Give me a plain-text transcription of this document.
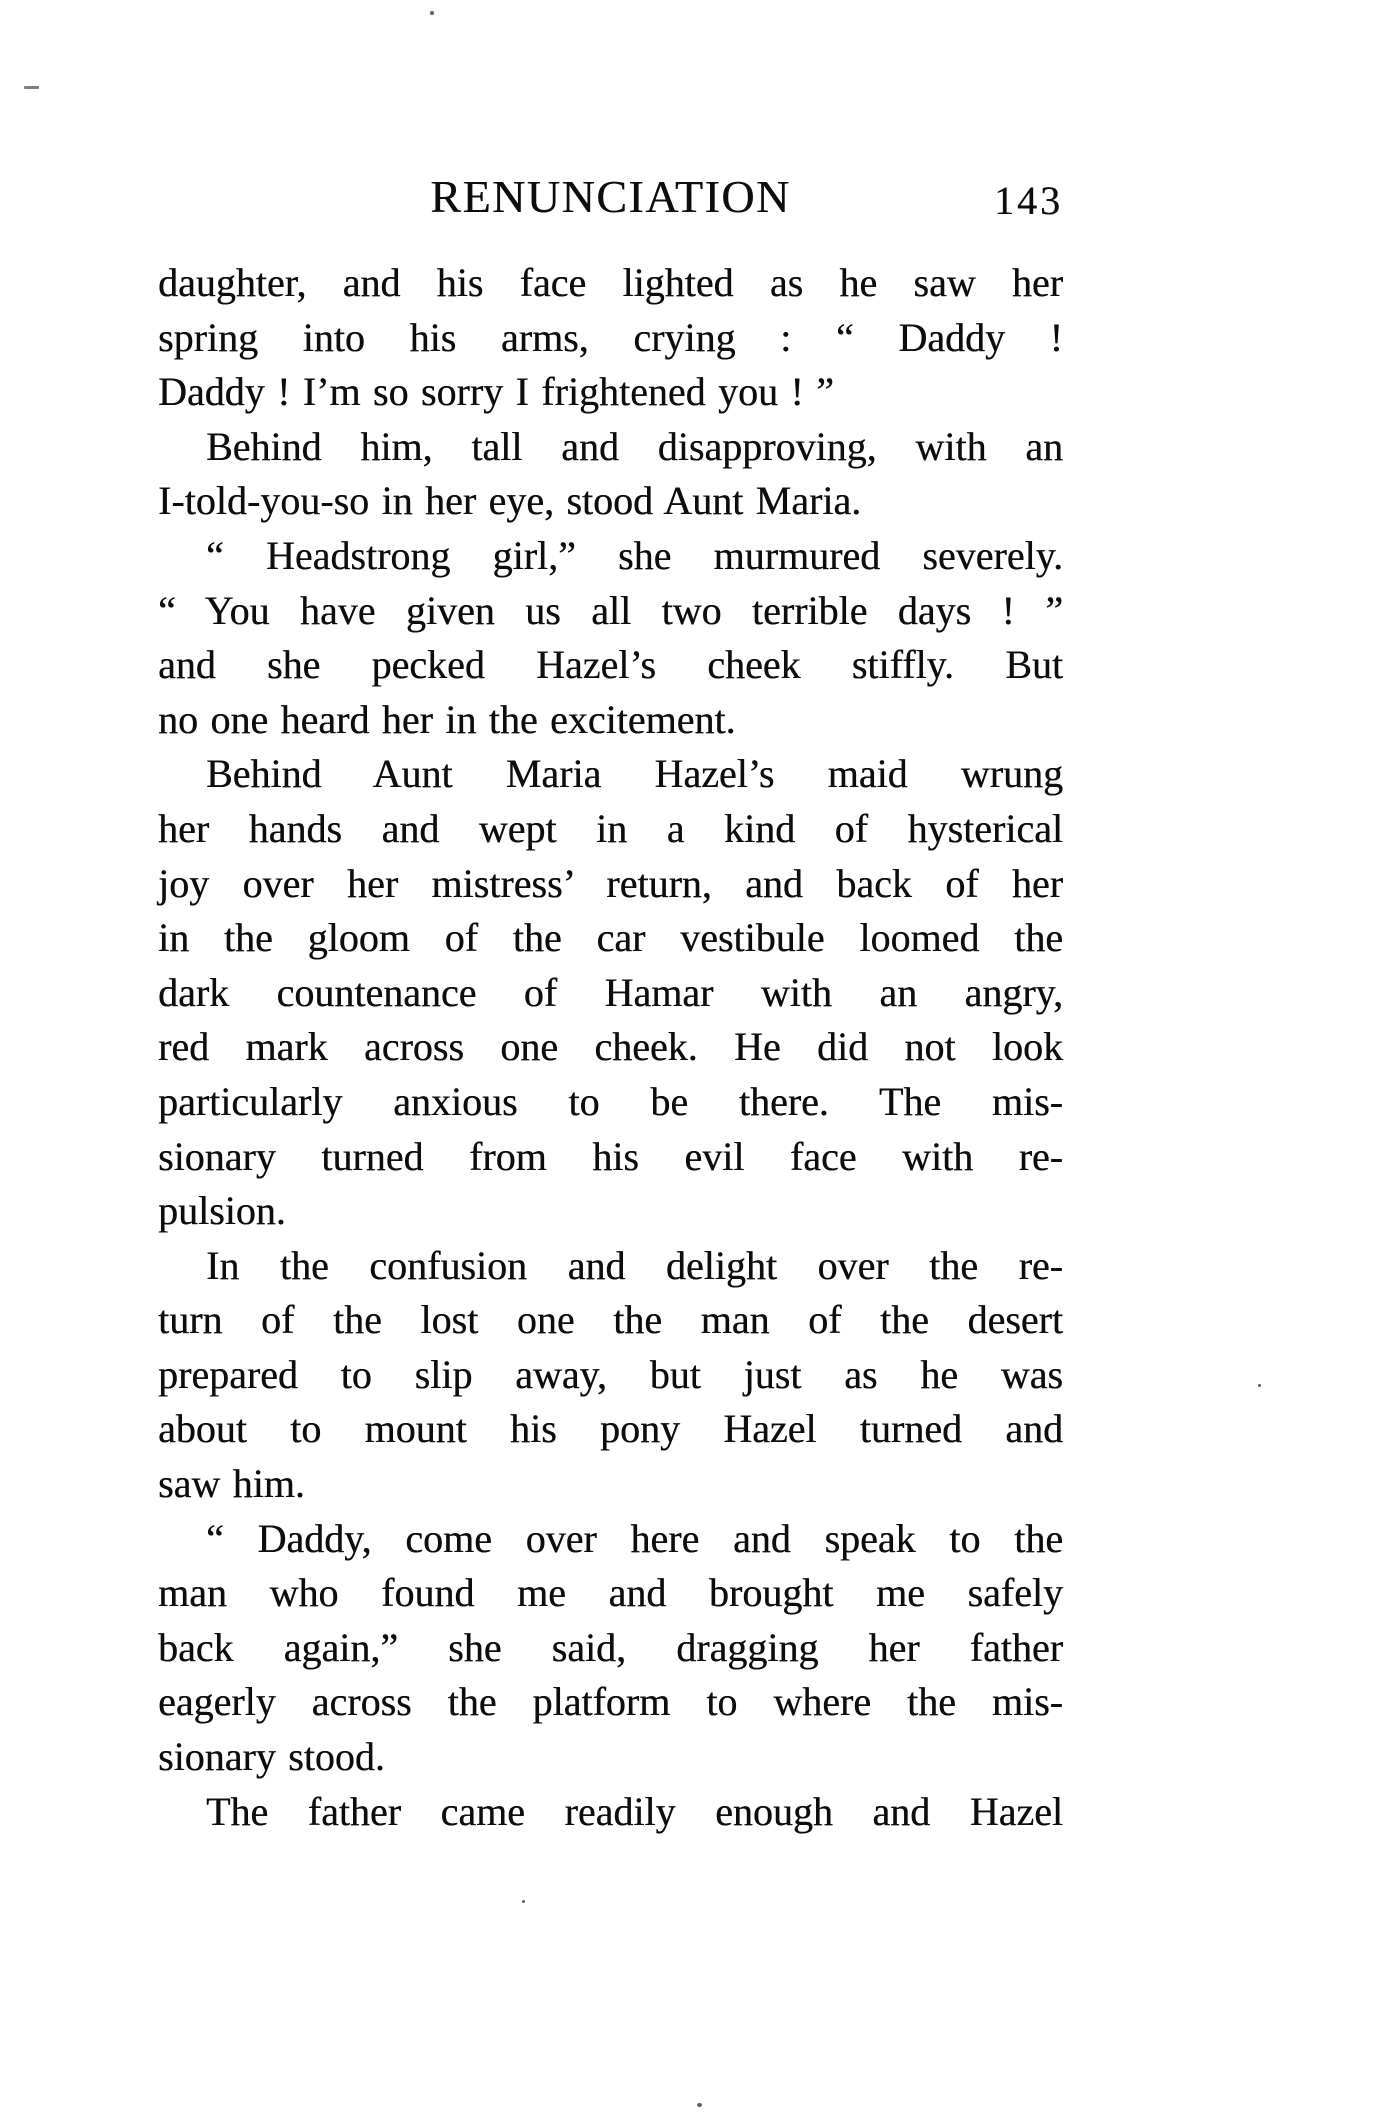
RENUNCIATION	143
daughter, and his face lighted as he saw her
spring into his arms, crying : “ Daddy !
Daddy ! I’m so sorry I frightened you ! ”
Behind him, tall and disapproving, with an
I-told-you-so in her eye, stood Aunt Maria.
“ Headstrong girl,” she murmured severely.
“ You have given us all two terrible days ! ”
and she pecked Hazel’s cheek stiffly. But
no one heard her in the excitement.
Behind Aunt Maria Hazel’s maid wrung
her hands and wept in a kind of hysterical
joy over her mistress’ return, and back of her
in the gloom of the car vestibule loomed the
dark countenance of Hamar with an angry,
red mark across one cheek. He did not look
particularly anxious to be there. The mis-
sionary turned from his evil face with re-
pulsion.
In the confusion and delight over the re-
turn of the lost one the man of the desert
prepared to slip away, but just as he was
about to mount his pony Hazel turned and
saw him.
“ Daddy, come over here and speak to the
man who found me and brought me safely
back again,” she said, dragging her father
eagerly across the platform to where the mis-
sionary stood.
The father came readily enough and Hazel
